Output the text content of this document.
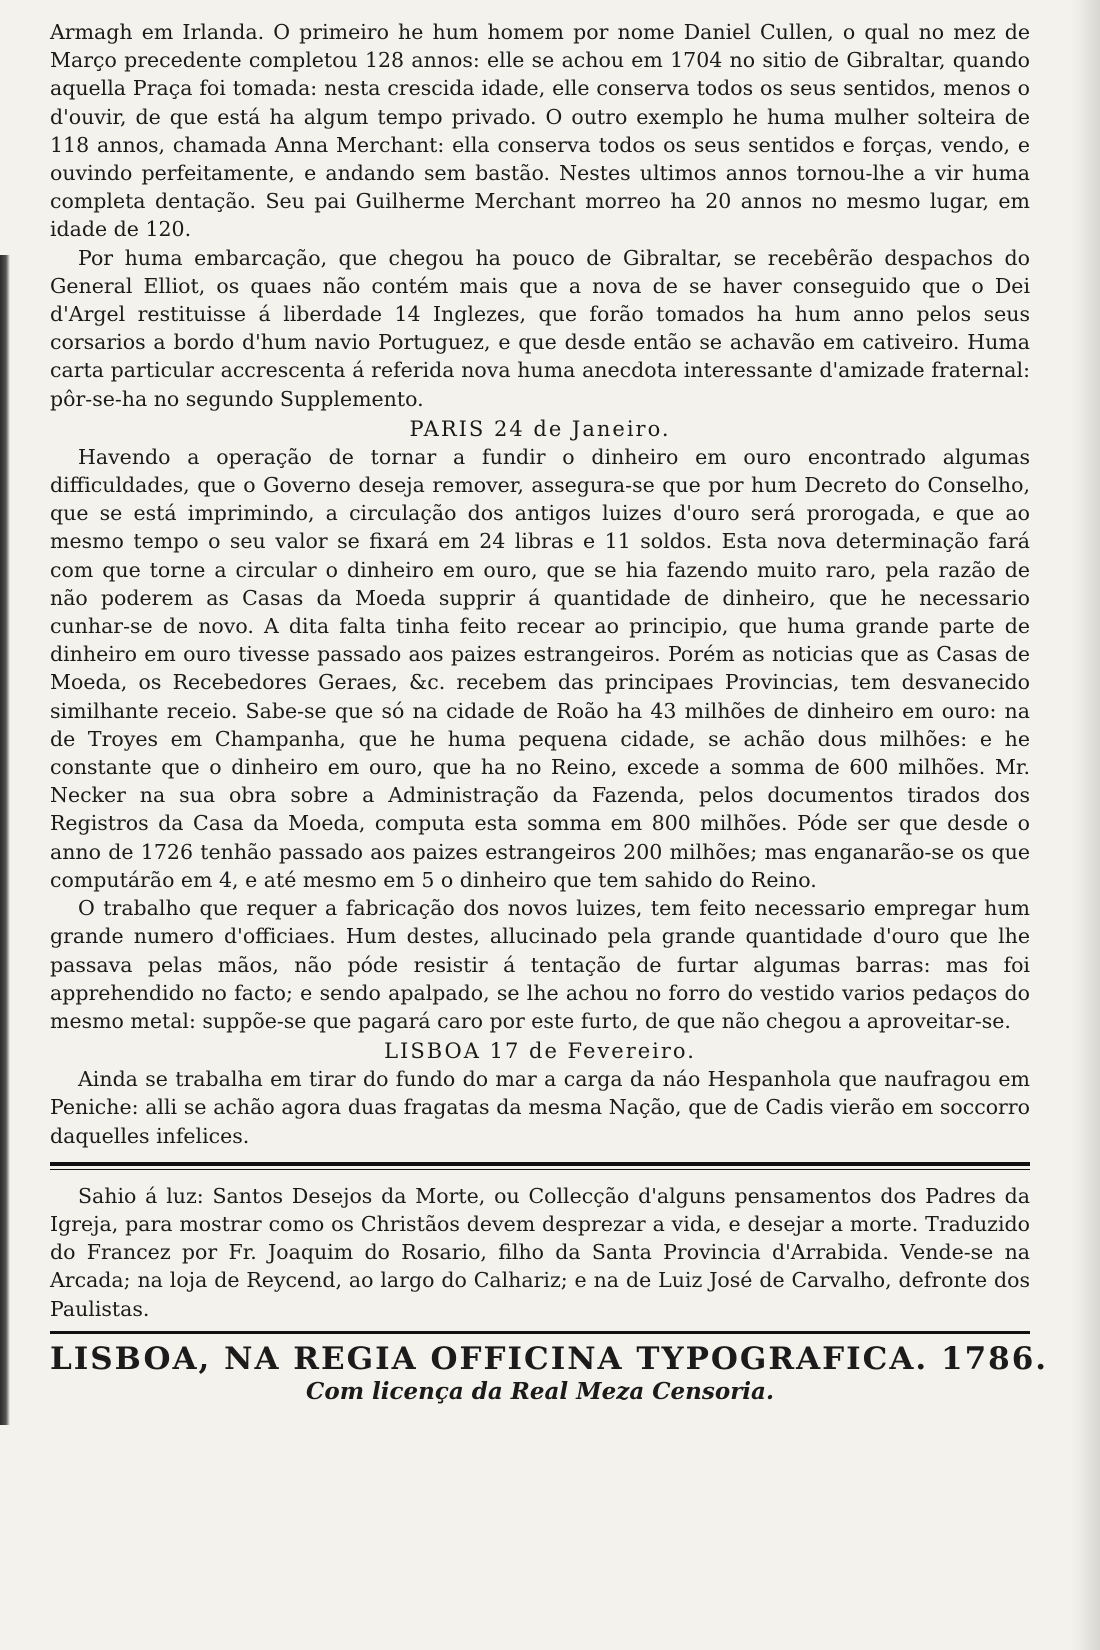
Armagh em Irlanda. O primeiro he hum homem por nome Daniel Cullen, o qual no mez de Março precedente completou 128 annos: elle se achou em 1704 no sitio de Gibraltar, quando aquella Praça foi tomada: nesta crescida idade, elle conserva todos os seus sentidos, menos o d'ouvir, de que está ha algum tempo privado. O outro exemplo he huma mulher solteira de 118 annos, chamada Anna Merchant: ella conserva todos os seus sentidos e forças, vendo, e ouvindo perfeitamente, e andando sem bastão. Nestes ultimos annos tornou-lhe a vir huma completa dentação. Seu pai Guilherme Merchant morreo ha 20 annos no mesmo lugar, em idade de 120.

Por huma embarcação, que chegou ha pouco de Gibraltar, se recebêrão despachos do General Elliot, os quaes não contém mais que a nova de se haver conseguido que o Dei d'Argel restituisse á liberdade 14 Inglezes, que forão tomados ha hum anno pelos seus corsarios a bordo d'hum navio Portuguez, e que desde então se achavão em cativeiro. Huma carta particular accrescenta á referida nova huma anecdota interessante d'amizade fraternal: pôr-se-ha no segundo Supplemento.

PARIS 24 de Janeiro.

Havendo a operação de tornar a fundir o dinheiro em ouro encontrado algumas difficuldades, que o Governo deseja remover, assegura-se que por hum Decreto do Conselho, que se está imprimindo, a circulação dos antigos luizes d'ouro será prorogada, e que ao mesmo tempo o seu valor se fixará em 24 libras e 11 soldos. Esta nova determinação fará com que torne a circular o dinheiro em ouro, que se hia fazendo muito raro, pela razão de não poderem as Casas da Moeda supprir á quantidade de dinheiro, que he necessario cunhar-se de novo. A dita falta tinha feito recear ao principio, que huma grande parte de dinheiro em ouro tivesse passado aos paizes estrangeiros. Porém as noticias que as Casas de Moeda, os Recebedores Geraes, &c. recebem das principaes Provincias, tem desvanecido similhante receio. Sabe-se que só na cidade de Roão ha 43 milhões de dinheiro em ouro: na de Troyes em Champanha, que he huma pequena cidade, se achão dous milhões: e he constante que o dinheiro em ouro, que ha no Reino, excede a somma de 600 milhões. Mr. Necker na sua obra sobre a Administração da Fazenda, pelos documentos tirados dos Registros da Casa da Moeda, computa esta somma em 800 milhões. Póde ser que desde o anno de 1726 tenhão passado aos paizes estrangeiros 200 milhões; mas enganarão-se os que computárão em 4, e até mesmo em 5 o dinheiro que tem sahido do Reino.

O trabalho que requer a fabricação dos novos luizes, tem feito necessario empregar hum grande numero d'officiaes. Hum destes, allucinado pela grande quantidade d'ouro que lhe passava pelas mãos, não póde resistir á tentação de furtar algumas barras: mas foi apprehendido no facto; e sendo apalpado, se lhe achou no forro do vestido varios pedaços do mesmo metal: suppõe-se que pagará caro por este furto, de que não chegou a aproveitar-se.

LISBOA 17 de Fevereiro.

Ainda se trabalha em tirar do fundo do mar a carga da náo Hespanhola que naufragou em Peniche: alli se achão agora duas fragatas da mesma Nação, que de Cadis vierão em soccorro daquelles infelices.

Sahio á luz: Santos Desejos da Morte, ou Collecção d'alguns pensamentos dos Padres da Igreja, para mostrar como os Christãos devem desprezar a vida, e desejar a morte. Traduzido do Francez por Fr. Joaquim do Rosario, filho da Santa Provincia d'Arrabida. Vende-se na Arcada; na loja de Reycend, ao largo do Calhariz; e na de Luiz José de Carvalho, defronte dos Paulistas.

LISBOA, NA REGIA OFFICINA TYPOGRAFICA. 1786.
Com licença da Real Meza Censoria.
